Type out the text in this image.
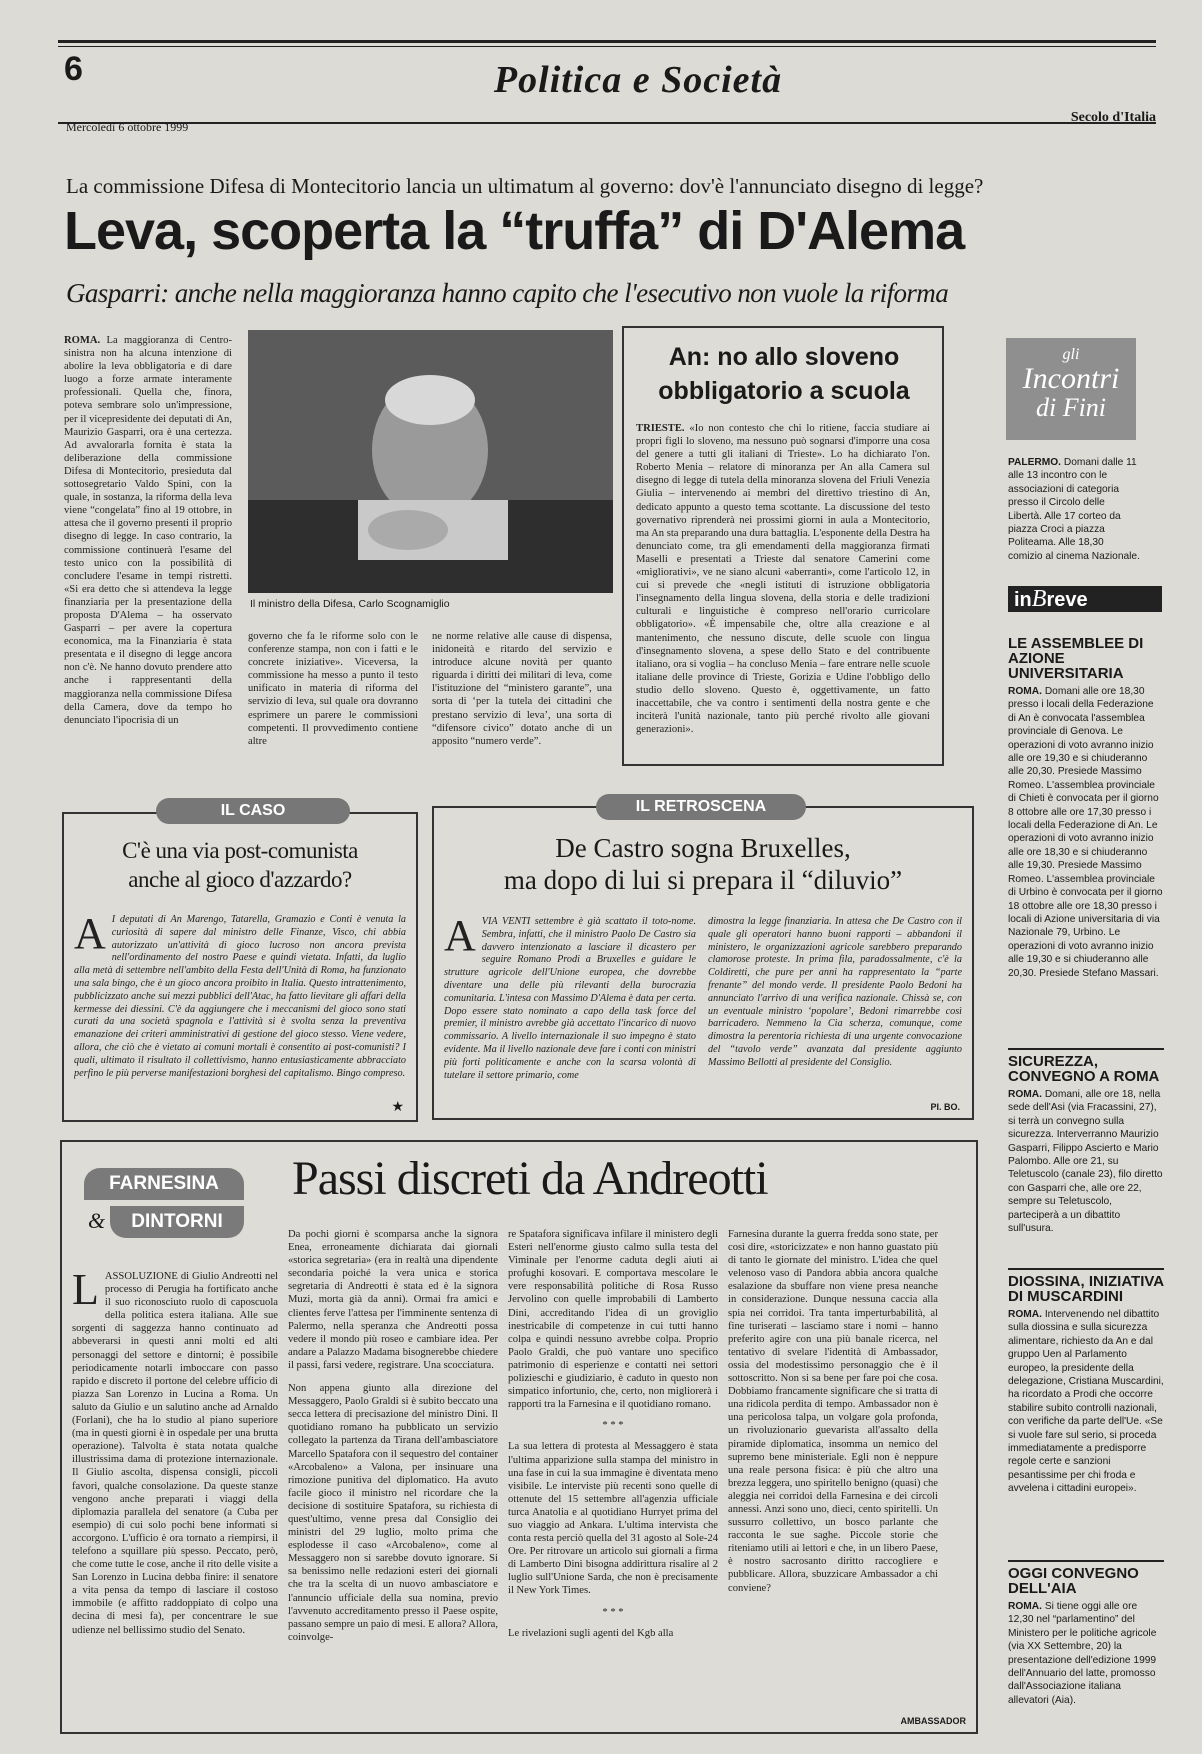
6	Politica e Società
Mercoledì 6 ottobre 1999
Secolo d'Italia
La commissione Difesa di Montecitorio lancia un ultimatum al governo: dov'è l'annunciato disegno di legge?
Leva, scoperta la “truffa” di D'Alema
Gasparri: anche nella maggioranza hanno capito che l'esecutivo non vuole la riforma
ROMA. La maggioranza di Centro-sinistra non ha alcuna intenzione di abolire la leva obbligatoria e di dare luogo a forze armate interamente professionali. Quella che, finora, poteva sembrare solo un'impressione, per il vicepresidente dei deputati di An, Maurizio Gasparri, ora è una certezza. Ad avvalorarla fornita è stata la deliberazione della commissione Difesa di Montecitorio, presieduta dal sottosegretario Valdo Spini, con la quale, in sostanza, la riforma della leva viene “congelata” fino al 19 ottobre, in attesa che il governo presenti il proprio disegno di legge. In caso contrario, la commissione continuerà l'esame del testo unico con la possibilità di concludere l'esame in tempi ristretti. «Si era detto che si attendeva la legge finanziaria per la presentazione della proposta D'Alema – ha osservato Gasparri – per avere la copertura economica, ma la Finanziaria è stata presentata e il disegno di legge ancora non c'è. Ne hanno dovuto prendere atto anche i rappresentanti della maggioranza nella commissione Difesa della Camera, dove da tempo ho denunciato l'ipocrisia di un
Il ministro della Difesa, Carlo Scognamiglio
governo che fa le riforme solo con le conferenze stampa, non con i fatti e le concrete iniziative». Viceversa, la commissione ha messo a punto il testo unificato in materia di riforma del servizio di leva, sul quale ora dovranno esprimere un parere le commissioni competenti. Il provvedimento contiene altre
ne norme relative alle cause di dispensa, inidoneità e ritardo del servizio e introduce alcune novità per quanto riguarda i diritti dei militari di leva, come l'istituzione del “ministero garante”, una sorta di ‘per la tutela dei cittadini che prestano servizio di leva’, una sorta di “difensore civico” dotato anche di un apposito “numero verde”.
An: no allo sloveno obbligatorio a scuola
TRIESTE. «Io non contesto che chi lo ritiene, faccia studiare ai propri figli lo sloveno, ma nessuno può sognarsi d'imporre una cosa del genere a tutti gli italiani di Trieste». Lo ha dichiarato l'on. Roberto Menia – relatore di minoranza per An alla Camera sul disegno di legge di tutela della minoranza slovena del Friuli Venezia Giulia – intervenendo ai membri del direttivo triestino di An, dedicato appunto a questo tema scottante. La discussione del testo governativo riprenderà nei prossimi giorni in aula a Montecitorio, ma An sta preparando una dura battaglia. L'esponente della Destra ha denunciato come, tra gli emendamenti della maggioranza firmati Maselli e presentati a Trieste dal senatore Camerini come «migliorativi», ve ne siano alcuni «aberranti», come l'articolo 12, in cui si prevede che «negli istituti di istruzione obbligatoria l'insegnamento della lingua slovena, della storia e delle tradizioni culturali e linguistiche è compreso nell'orario curricolare obbligatorio». «È impensabile che, oltre alla creazione e al mantenimento, che nessuno discute, delle scuole con lingua d'insegnamento slovena, a spese dello Stato e del contribuente italiano, ora si voglia – ha concluso Menia – fare entrare nelle scuole italiane delle province di Trieste, Gorizia e Udine l'obbligo dello studio dello sloveno. Questo è, oggettivamente, un fatto inaccettabile, che va contro i sentimenti della nostra gente e che inciterà l'unità nazionale, tanto più perché rivolto alle giovani generazioni».
gli
Incontri
di Fini

PALERMO. Domani dalle 11 alle 13 incontro con le associazioni di categoria presso il Circolo delle Libertà. Alle 17 corteo da piazza Croci a piazza Politeama. Alle 18,30 comizio al cinema Nazionale.

inBreve

LE ASSEMBLEE DI AZIONE UNIVERSITARIA

ROMA. Domani alle ore 18,30 presso i locali della Federazione di An è convocata l'assemblea provinciale di Genova. Le operazioni di voto avranno inizio alle ore 19,30 e si chiuderanno alle 20,30. Presiede Massimo Romeo. L'assemblea provinciale di Chieti è convocata per il giorno 8 ottobre alle ore 17,30 presso i locali della Federazione di An. Le operazioni di voto avranno inizio alle ore 18,30 e si chiuderanno alle 19,30. Presiede Massimo Romeo. L'assemblea provinciale di Urbino è convocata per il giorno 18 ottobre alle ore 18,30 presso i locali di Azione universitaria di via Nazionale 79, Urbino. Le operazioni di voto avranno inizio alle 19,30 e si chiuderanno alle 20,30. Presiede Stefano Massari.

SICUREZZA, CONVEGNO A ROMA

ROMA. Domani, alle ore 18, nella sede dell'Asi (via Fracassini, 27), si terrà un convegno sulla sicurezza. Interverranno Maurizio Gasparri, Filippo Ascierto e Mario Palombo. Alle ore 21, su Teletuscolo (canale 23), filo diretto con Gasparri che, alle ore 22, sempre su Teletuscolo, parteciperà a un dibattito sull'usura.

DIOSSINA, INIZIATIVA DI MUSCARDINI

ROMA. Intervenendo nel dibattito sulla diossina e sulla sicurezza alimentare, richiesto da An e dal gruppo Uen al Parlamento europeo, la presidente della delegazione, Cristiana Muscardini, ha ricordato a Prodi che occorre stabilire subito controlli nazionali, con verifiche da parte dell'Ue. «Se si vuole fare sul serio, si proceda immediatamente a predisporre regole certe e sanzioni pesantissime per chi froda e avvelena i cittadini europei».

OGGI CONVEGNO DELL'AIA

ROMA. Si tiene oggi alle ore 12,30 nel “parlamentino” del Ministero per le politiche agricole (via XX Settembre, 20) la presentazione dell'edizione 1999 dell'Annuario del latte, promosso dall'Associazione italiana allevatori (Aia).

C'è una via post-comunista anche al gioco d'azzardo?
A I deputati di An Marengo, Tatarella, Gramazio e Conti è venuta la curiosità di sapere dal ministro delle Finanze, Visco, chi abbia autorizzato un'attività di gioco lucroso non ancora prevista nell'ordinamento del nostro Paese e quindi vietata. Infatti, da luglio alla metà di settembre nell'ambito della Festa dell'Unità di Roma, ha funzionato una sala bingo, che è un gioco ancora proibito in Italia. Questo intrattenimento, pubblicizzato anche sui mezzi pubblici dell'Atac, ha fatto lievitare gli affari della kermesse dei diessini. C'è da aggiungere che i meccanismi del gioco sono stati curati da una società spagnola e l'attività si è svolta senza la preventiva emanazione dei criteri amministrativi di gestione del gioco stesso. Viene vedere, allora, che ciò che è vietato ai comuni mortali è consentito ai post-comunisti? I quali, ultimato il risultato il collettivismo, hanno entusiasticamente abbracciato perfino le più perverse manifestazioni borghesi del capitalismo. Bingo compreso.
★
IL CASO
De Castro sogna Bruxelles,
ma dopo di lui si prepara il “diluvio”
A VIA VENTI settembre è già scattato il toto-nome. Sembra, infatti, che il ministro Paolo De Castro sia davvero intenzionato a lasciare il dicastero per seguire Romano Prodi a Bruxelles e guidare le strutture agricole dell'Unione europea, che dovrebbe diventare una delle più rilevanti della burocrazia comunitaria. L'intesa con Massimo D'Alema è data per certa. Dopo essere stato nominato a capo della task force del premier, il ministro avrebbe già accettato l'incarico di nuovo commissario. A livello internazionale il suo impegno è stato evidente. Ma il livello nazionale deve fare i conti con ministri più forti politicamente e anche con la scarsa volontà di tutelare il settore primario, come
dimostra la legge finanziaria. In attesa che De Castro con il quale gli operatori hanno buoni rapporti – abbandoni il ministero, le organizzazioni agricole sarebbero preparando clamorose proteste. In prima fila, paradossalmente, c'è la Coldiretti, che pure per anni ha rappresentato la “parte frenante” del mondo verde. Il presidente Paolo Bedoni ha annunciato l'arrivo di una verifica nazionale. Chissà se, con un eventuale ministro ‘popolare’, Bedoni rimarrebbe così barricadero. Nemmeno la Cia scherza, comunque, come dimostra la perentoria richiesta di una urgente convocazione del “tavolo verde” avanzata dal presidente aggiunto Massimo Bellotti al presidente del Consiglio.
PI. BO.
IL RETROSCENA
FARNESINA
&	DINTORNI
Passi discreti da Andreotti
L ASSOLUZIONE di Giulio Andreotti nel processo di Perugia ha fortificato anche il suo riconosciuto ruolo di caposcuola della politica estera italiana. Alle sue sorgenti di saggezza hanno continuato ad abbeverarsi in questi anni molti ed alti personaggi del settore e dintorni; è possibile periodicamente notarli imboccare con passo rapido e discreto il portone del celebre ufficio di piazza San Lorenzo in Lucina a Roma. Un saluto da Giulio e un salutino anche ad Arnaldo (Forlani), che ha lo studio al piano superiore (ma in questi giorni è in ospedale per una brutta operazione). Talvolta è stata notata qualche illustrissima dama di protezione internazionale. Il Giulio ascolta, dispensa consigli, piccoli favori, qualche consolazione. Da queste stanze vengono anche preparati i viaggi della diplomazia parallela del senatore (a Cuba per esempio) di cui solo pochi bene informati si accorgono. L'ufficio è ora tornato a riempirsi, il telefono a squillare più spesso. Peccato, però, che come tutte le cose, anche il rito delle visite a San Lorenzo in Lucina debba finire: il senatore a vita pensa da tempo di lasciare il costoso immobile (e affitto raddoppiato di colpo una decina di mesi fa), per concentrare le sue udienze nel bellissimo studio del Senato.
Da pochi giorni è scomparsa anche la signora Enea, erroneamente dichiarata dai giornali «storica segretaria» (era in realtà una dipendente secondaria poiché la vera unica e storica segretaria di Andreotti è stata ed è la signora Muzi, morta già da anni). Ormai fra amici e clientes ferve l'attesa per l'imminente sentenza di Palermo, nella speranza che Andreotti possa vedere il mondo più roseo e cambiare idea. Per andare a Palazzo Madama bisognerebbe chiedere il passi, farsi vedere, registrare. Una scocciatura.
Non appena giunto alla direzione del Messaggero, Paolo Graldi si è subito beccato una secca lettera di precisazione del ministro Dini. Il quotidiano romano ha pubblicato un servizio collegato la partenza da Tirana dell'ambasciatore Marcello Spatafora con il sequestro del container «Arcobaleno» a Valona, per insinuare una rimozione punitiva del diplomatico. Ha avuto facile gioco il ministro nel ricordare che la decisione di sostituire Spatafora, su richiesta di quest'ultimo, venne presa dal Consiglio dei ministri del 29 luglio, molto prima che esplodesse il caso «Arcobaleno», come al Messaggero non si sarebbe dovuto ignorare. Si sa benissimo nelle redazioni esteri dei giornali che tra la scelta di un nuovo ambasciatore e l'annuncio ufficiale della sua nomina, previo l'avvenuto accreditamento presso il Paese ospite, passano sempre un paio di mesi. E allora? Allora, coinvolge-
re Spatafora significava infilare il ministero degli Esteri nell'enorme giusto calmo sulla testa del Viminale per l'enorme caduta degli aiuti ai profughi kosovari. E comportava mescolare le vere responsabilità politiche di Rosa Russo Jervolino con quelle improbabili di Lamberto Dini, accreditando l'idea di un groviglio inestricabile di competenze in cui tutti hanno colpa e quindi nessuno avrebbe colpa. Proprio Paolo Graldi, che può vantare uno specifico patrimonio di esperienze e contatti nei settori polizieschi e giudiziario, è caduto in questo non simpatico infortunio, che, certo, non migliorerà i rapporti tra la Farnesina e il quotidiano romano.
* * *
La sua lettera di protesta al Messaggero è stata l'ultima apparizione sulla stampa del ministro in una fase in cui la sua immagine è diventata meno visibile. Le interviste più recenti sono quelle di ottenute del 15 settembre all'agenzia ufficiale turca Anatolia e al quotidiano Hurryet prima del suo viaggio ad Ankara. L'ultima intervista che conta resta perciò quella del 31 agosto al Sole-24 Ore. Per ritrovare un articolo sui giornali a firma di Lamberto Dini bisogna addirittura risalire al 2 luglio sull'Unione Sarda, che non è precisamente il New York Times.
* * *
Le rivelazioni sugli agenti del Kgb alla
Farnesina durante la guerra fredda sono state, per così dire, «storicizzate» e non hanno guastato più di tanto le giornate del ministro. L'idea che quel velenoso vaso di Pandora abbia ancora qualche esalazione da sbuffare non viene presa neanche in considerazione. Dunque nessuna caccia alla spia nei corridoi. Tra tanta imperturbabilità, al fine turiserati – lasciamo stare i nomi – hanno preferito agire con una più banale ricerca, nel tentativo di svelare l'identità di Ambassador, ossia del modestissimo personaggio che è il sottoscritto. Non si sa bene per fare poi che cosa. Dobbiamo francamente significare che si tratta di una ridicola perdita di tempo. Ambassador non è una pericolosa talpa, un volgare gola profonda, un rivoluzionario guevarista all'assalto della piramide diplomatica, insomma un nemico del supremo bene ministeriale. Egli non è neppure una reale persona fisica: è più che altro una brezza leggera, uno spiritello benigno (quasi) che aleggia nei corridoi della Farnesina e dei circoli annessi. Anzi sono uno, dieci, cento spiritelli. Un sussurro collettivo, un bosco parlante che racconta le sue saghe. Piccole storie che riteniamo utili ai lettori e che, in un libero Paese, è nostro sacrosanto diritto raccogliere e pubblicare. Allora, sbuzzicare Ambassador a chi conviene?
AMBASSADOR
